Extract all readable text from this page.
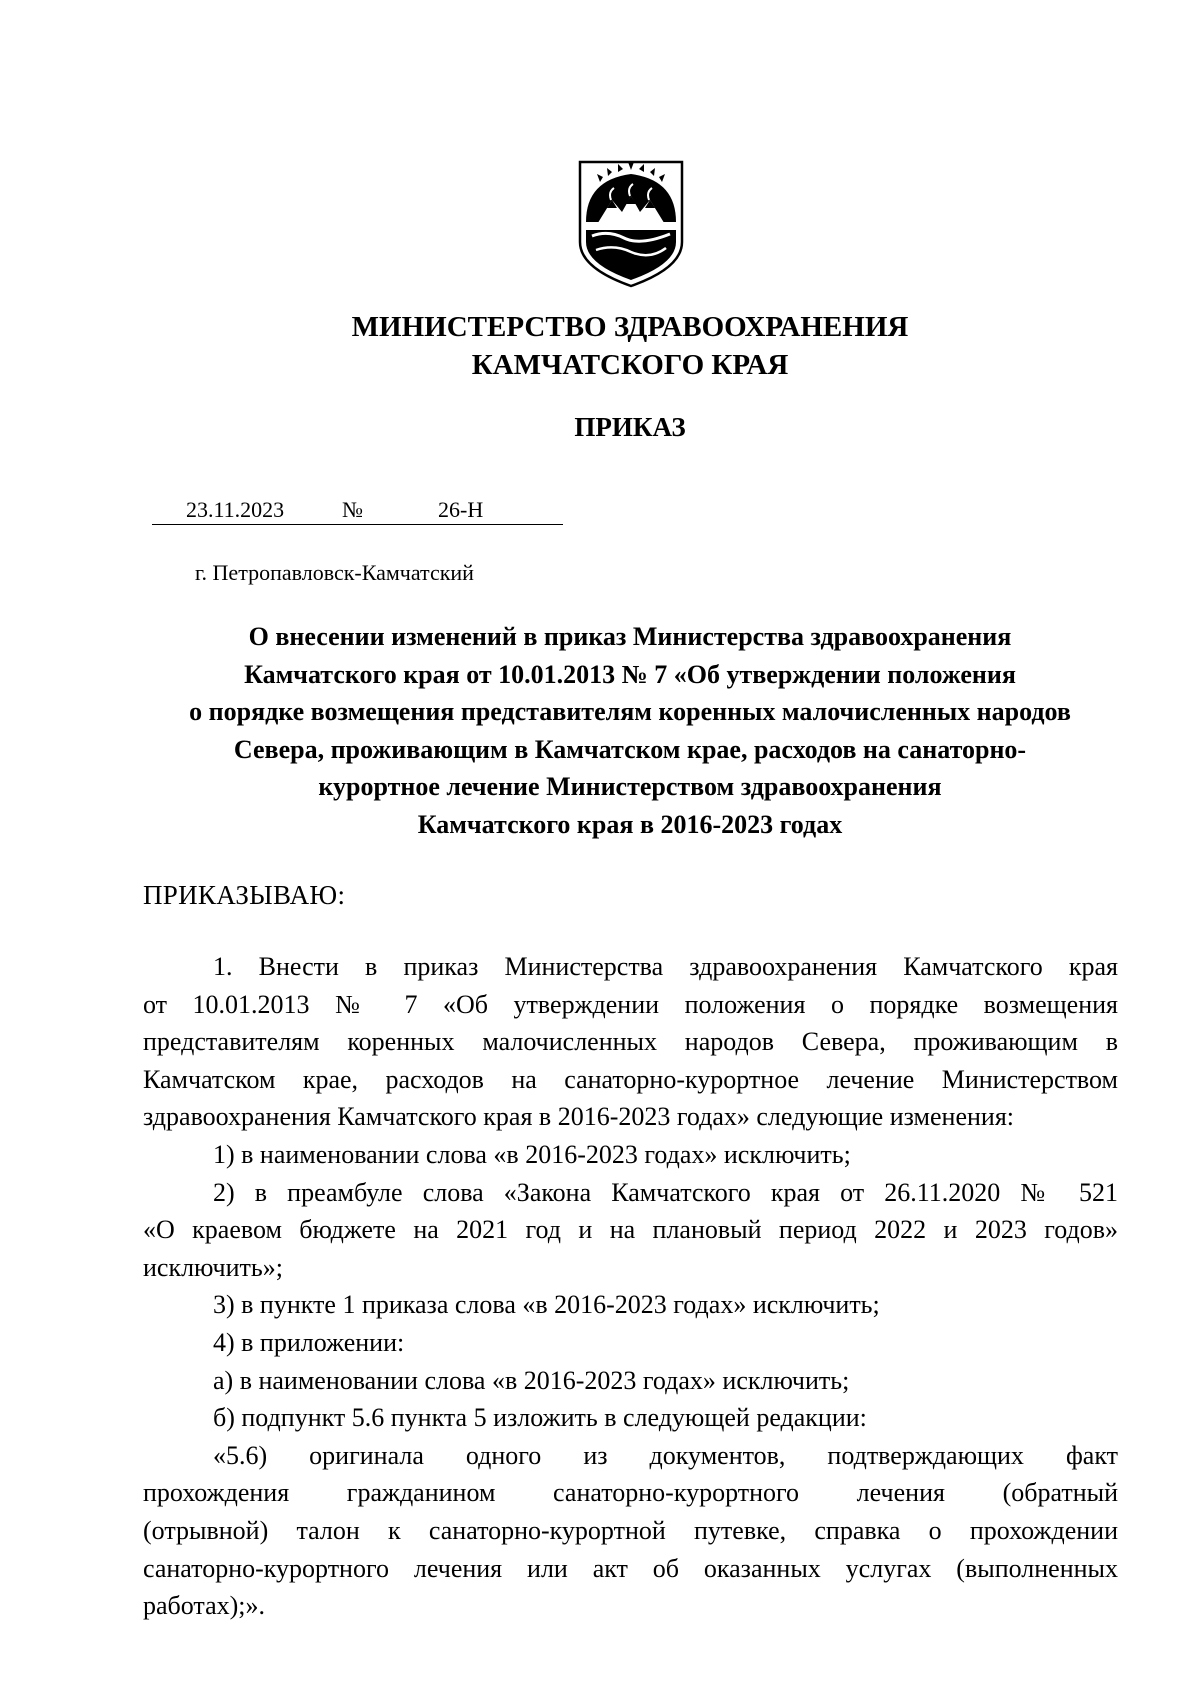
МИНИСТЕРСТВО ЗДРАВООХРАНЕНИЯ
КАМЧАТСКОГО КРАЯ
ПРИКАЗ
23.11.2023	№	26-Н
г. Петропавловск-Камчатский
О внесении изменений в приказ Министерства здравоохранения
Камчатского края от 10.01.2013 № 7 «Об утверждении положения
о порядке возмещения представителям коренных малочисленных народов
Севера, проживающим в Камчатском крае, расходов на санаторно-
курортное лечение Министерством здравоохранения
Камчатского края в 2016-2023 годах
ПРИКАЗЫВАЮ:
1. Внести в приказ Министерства здравоохранения Камчатского края
от 10.01.2013 № 7 «Об утверждении положения о порядке возмещения
представителям коренных малочисленных народов Севера, проживающим в
Камчатском крае, расходов на санаторно-курортное лечение Министерством
здравоохранения Камчатского края в 2016-2023 годах» следующие изменения:
1) в наименовании слова «в 2016-2023 годах» исключить;
2) в преамбуле слова «Закона Камчатского края от 26.11.2020 № 521
«О краевом бюджете на 2021 год и на плановый период 2022 и 2023 годов»
исключить»;
3) в пункте 1 приказа слова «в 2016-2023 годах» исключить;
4) в приложении:
а) в наименовании слова «в 2016-2023 годах» исключить;
б) подпункт 5.6 пункта 5 изложить в следующей редакции:
«5.6) оригинала одного из документов, подтверждающих факт
прохождения гражданином санаторно-курортного лечения (обратный
(отрывной) талон к санаторно-курортной путевке, справка о прохождении
санаторно-курортного лечения или акт об оказанных услугах (выполненных
работах);».
